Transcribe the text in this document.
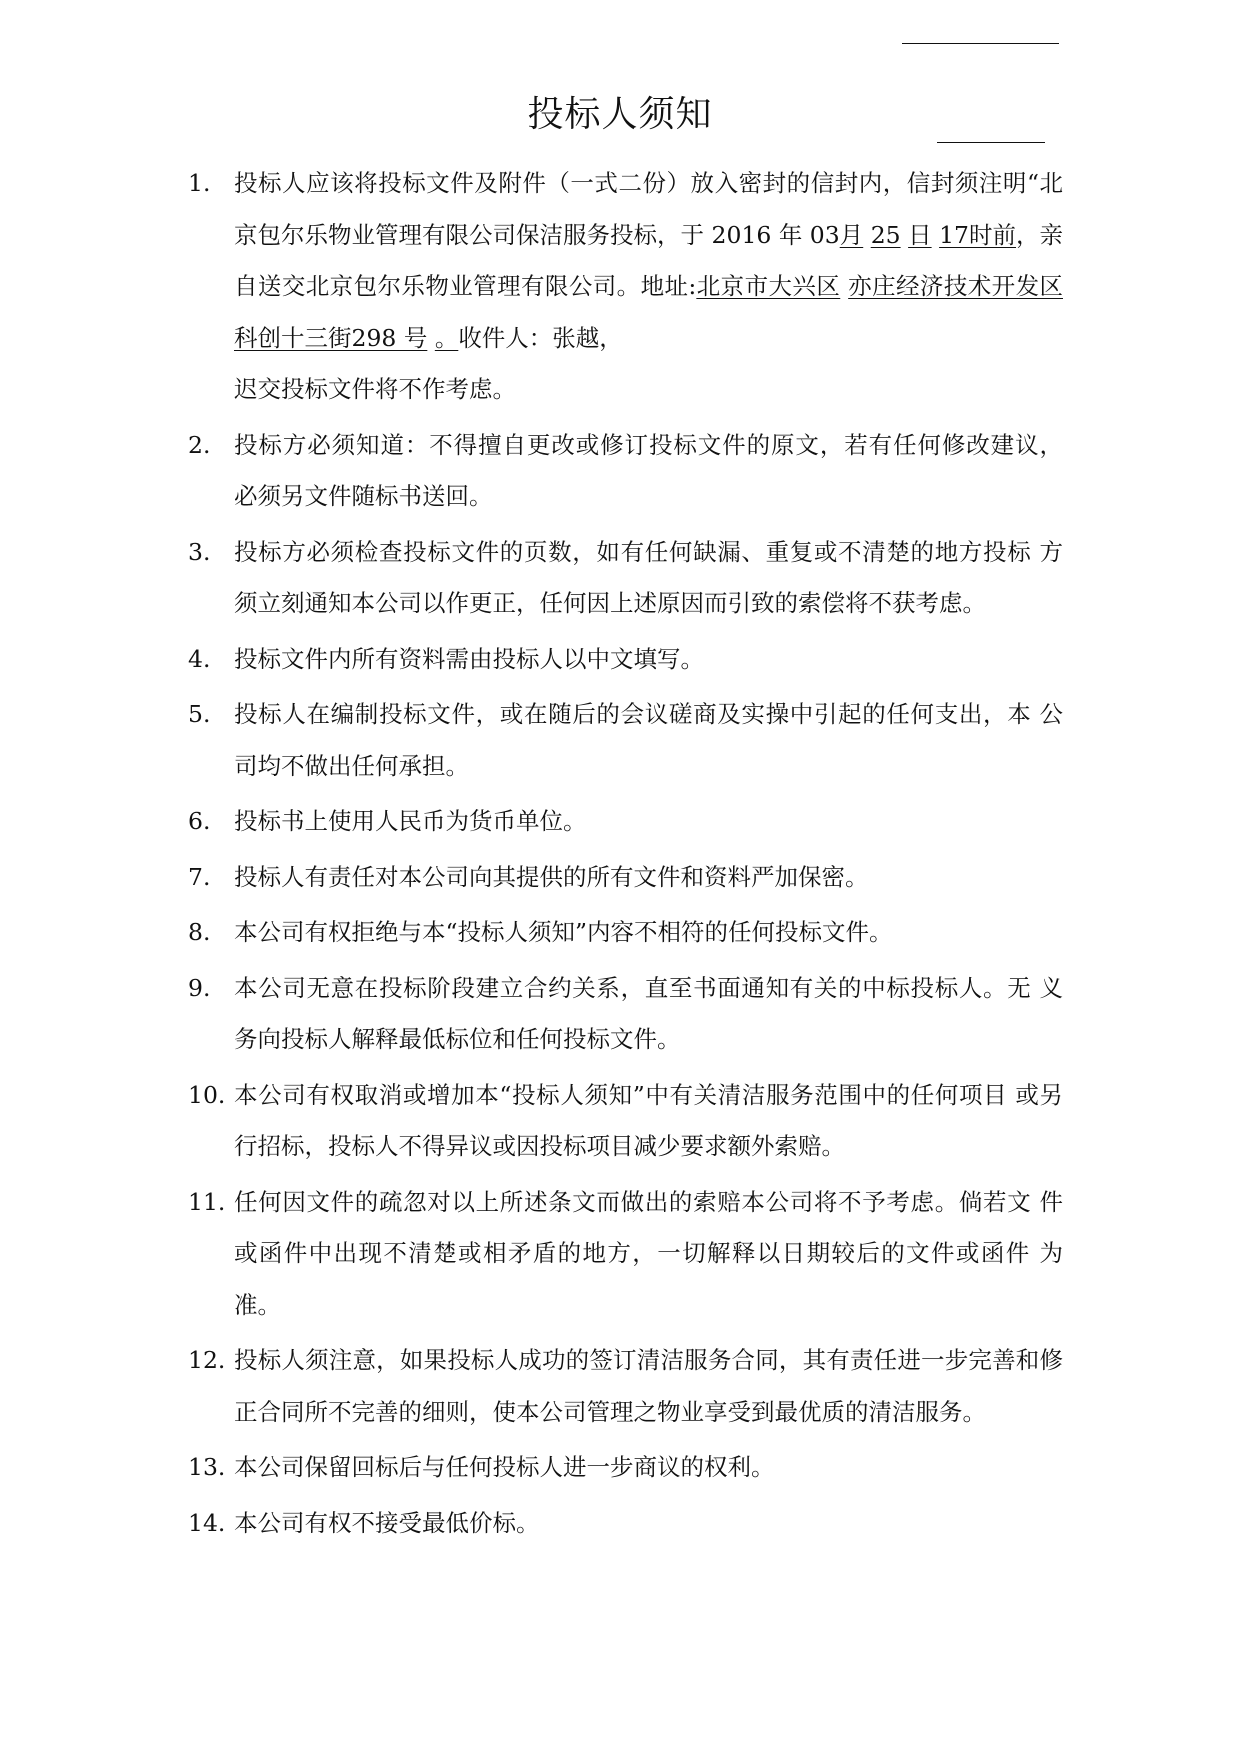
投标人须知
1.	投标人应该将投标文件及附件（一式二份）放入密封的信封内，信封须注明“北京包尔乐物业管理有限公司保洁服务投标，于 2016 年 03月 25 日 17时前，亲自送交北京包尔乐物业管理有限公司。地址:北京市大兴区 亦庄经济技术开发区科创十三街298 号 。收件人：张越，
迟交投标文件将不作考虑。
2.	投标方必须知道：不得擅自更改或修订投标文件的原文，若有任何修改建议， 必须另文件随标书送回。
3.	投标方必须检查投标文件的页数，如有任何缺漏、重复或不清楚的地方投标 方须立刻通知本公司以作更正，任何因上述原因而引致的索偿将不获考虑。
4.	投标文件内所有资料需由投标人以中文填写。
5.	投标人在编制投标文件，或在随后的会议磋商及实操中引起的任何支出，本 公司均不做出任何承担。
6.	投标书上使用人民币为货币单位。
7.	投标人有责任对本公司向其提供的所有文件和资料严加保密。
8.	本公司有权拒绝与本“投标人须知”内容不相符的任何投标文件。
9.	本公司无意在投标阶段建立合约关系，直至书面通知有关的中标投标人。无 义务向投标人解释最低标位和任何投标文件。
10. 本公司有权取消或增加本“投标人须知”中有关清洁服务范围中的任何项目 或另行招标，投标人不得异议或因投标项目减少要求额外索赔。
11. 任何因文件的疏忽对以上所述条文而做出的索赔本公司将不予考虑。倘若文 件或函件中出现不清楚或相矛盾的地方，一切解释以日期较后的文件或函件 为准。
12. 投标人须注意，如果投标人成功的签订清洁服务合同，其有责任进一步完善和修正合同所不完善的细则，使本公司管理之物业享受到最优质的清洁服务。
13. 本公司保留回标后与任何投标人进一步商议的权利。
14. 本公司有权不接受最低价标。
